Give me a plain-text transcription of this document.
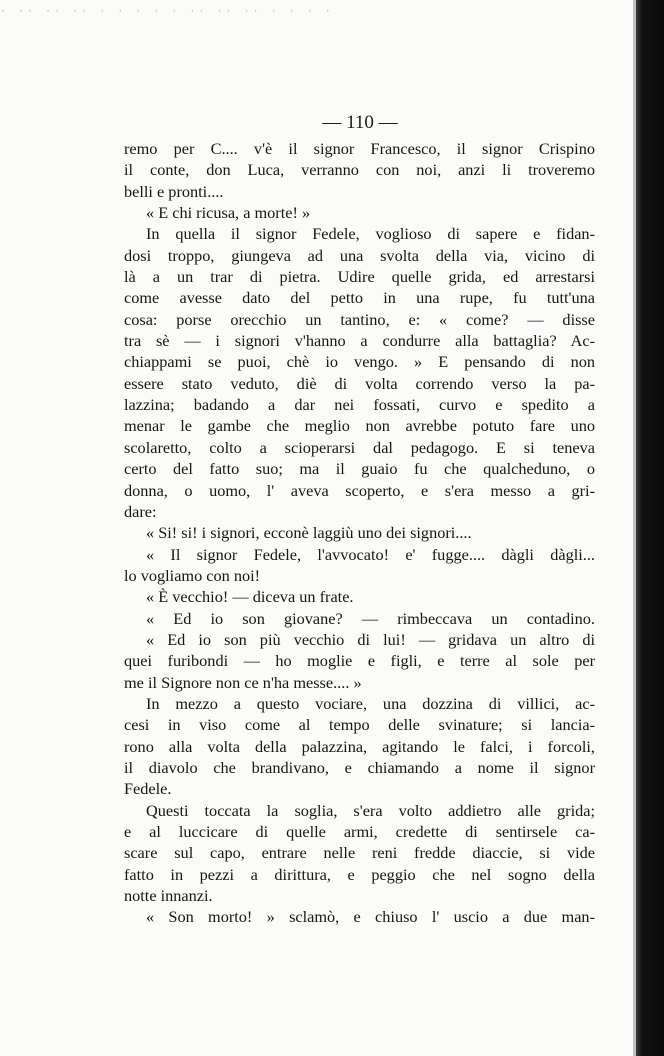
· ·· ·· ·· · · · · · ·· ·· ·· · · · ·
— 110 —
remo per C.... v'è il signor Francesco, il signor Crispino
il conte, don Luca, verranno con noi, anzi li troveremo
belli e pronti....
« E chi ricusa, a morte! »
In quella il signor Fedele, voglioso di sapere e fidan-
dosi troppo, giungeva ad una svolta della via, vicino di
là a un trar di pietra. Udire quelle grida, ed arrestarsi
come avesse dato del petto in una rupe, fu tutt'una
cosa: porse orecchio un tantino, e: « come? — disse
tra sè — i signori v'hanno a condurre alla battaglia? Ac-
chiappami se puoi, chè io vengo. » E pensando di non
essere stato veduto, diè di volta correndo verso la pa-
lazzina; badando a dar nei fossati, curvo e spedito a
menar le gambe che meglio non avrebbe potuto fare uno
scolaretto, colto a scioperarsi dal pedagogo. E si teneva
certo del fatto suo; ma il guaio fu che qualcheduno, o
donna, o uomo, l' aveva scoperto, e s'era messo a gri-
dare:
« Si! si! i signori, ecconè laggiù uno dei signori....
« Il signor Fedele, l'avvocato! e' fugge.... dàgli dàgli...
lo vogliamo con noi!
« È vecchio! — diceva un frate.
« Ed io son giovane? — rimbeccava un contadino.
« Ed io son più vecchio di lui! — gridava un altro di
quei furibondi — ho moglie e figli, e terre al sole per
me il Signore non ce n'ha messe.... »
In mezzo a questo vociare, una dozzina di villici, ac-
cesi in viso come al tempo delle svinature; si lancia-
rono alla volta della palazzina, agitando le falci, i forcoli,
il diavolo che brandivano, e chiamando a nome il signor
Fedele.
Questi toccata la soglia, s'era volto addietro alle grida;
e al luccicare di quelle armi, credette di sentirsele ca-
scare sul capo, entrare nelle reni fredde diaccie, si vide
fatto in pezzi a dirittura, e peggio che nel sogno della
notte innanzi.
« Son morto! » sclamò, e chiuso l' uscio a due man-
